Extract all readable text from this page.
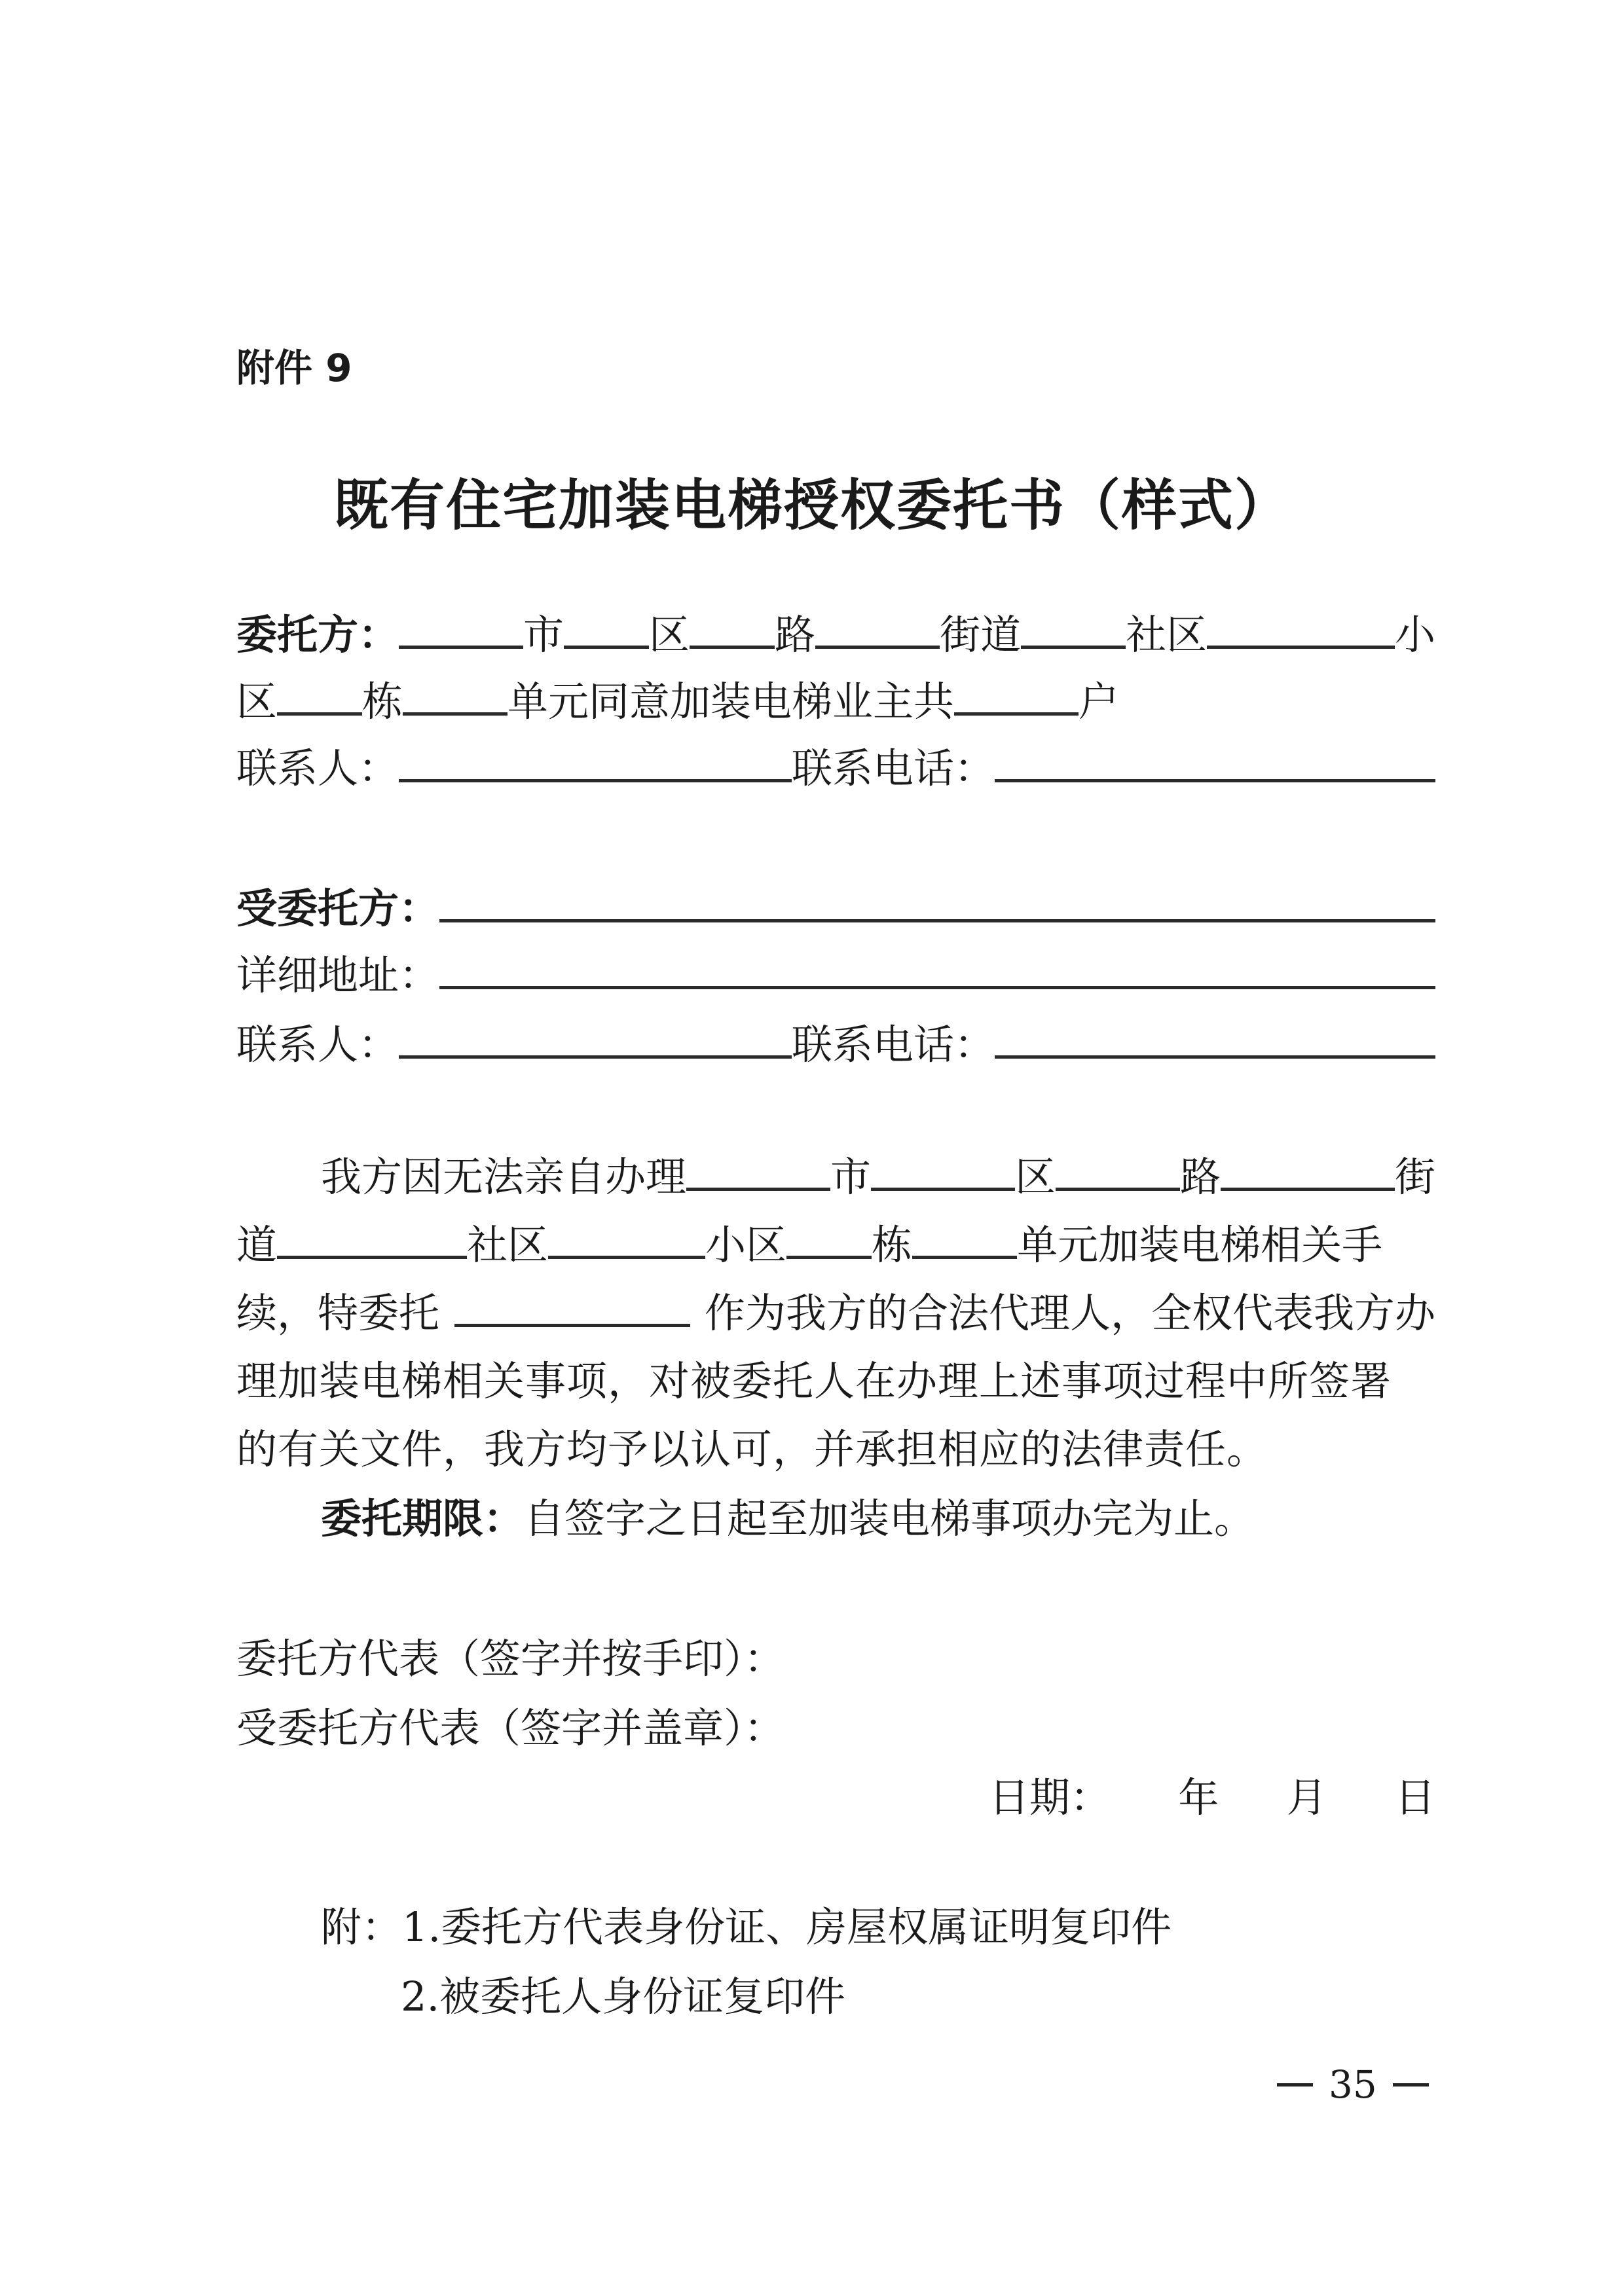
附件 9
既有住宅加装电梯授权委托书（样式）
委托方：	市 区 路	街道	社区	小
区 栋	单元同意加装电梯业主共	户
联系人：	联系电话：
受委托方：
详细地址：
联系人：	联系电话：
我方因无法亲自办理	市	区	路	街
道	社区	小区 栋	单元加装电梯相关手
续，特委托	作为我方的合法代理人，全权代表我方办
理加装电梯相关事项，对被委托人在办理上述事项过程中所签署
的有关文件，我方均予以认可，并承担相应的法律责任。
委托期限： 自签字之日起至加装电梯事项办完为止。
委托方代表（签字并按手印）：
受委托方代表（签字并盖章）：
日期： 年 月 日
附：1.委托方代表身份证、房屋权属证明复印件
2.被委托人身份证复印件
35
